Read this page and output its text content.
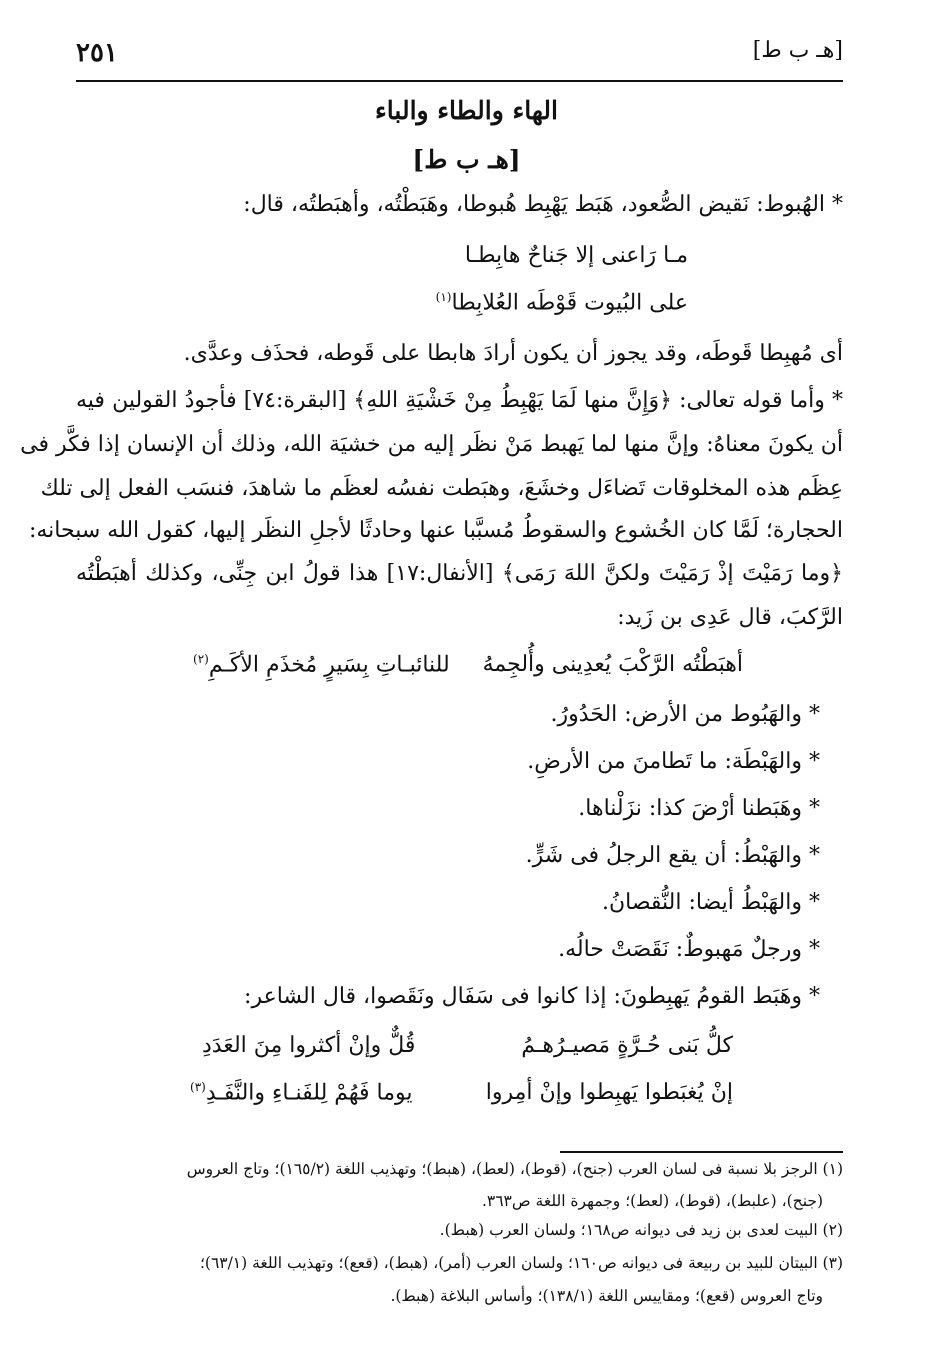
٢٥١	[هـ ب ط]
الهاء والطاء والباء
[هـ ب ط]
* الهُبوط: نَقيض الصُّعود، هَبَط يَهْبِط هُبوطا، وهَبَطْتُه، وأهبَطتُه، قال:
مـا رَاعنى إلا جَناحٌ هابِطـا
على البُيوت قَوْطَه العُلابِطا$^{(١)}$
أى مُهبِطا قَوطَه، وقد يجوز أن يكون أرادَ هابطا على قَوطه، فحذَف وعدَّى.
* وأما قوله تعالى: ﴿وَإِنَّ منها لَمَا يَهْبِطُ مِنْ خَشْيَةِ اللهِ﴾ [البقرة:٧٤] فأجودُ القولين فيه
أن يكونَ معناهُ: وإنَّ منها لما يَهبط مَنْ نظَر إليه من خشيَة الله، وذلك أن الإنسان إذا فكَّر فى
عِظَم هذه المخلوقات تَضاءَل وخشَعَ، وهبَطت نفسُه لعظَم ما شاهدَ، فنسَب الفعل إلى تلك
الحجارة؛ لَمَّا كان الخُشوع والسقوطُ مُسبَّبا عنها وحادثًا لأجلِ النظَر إليها، كقول الله سبحانه:
﴿وما رَمَيْتَ إذْ رَمَيْتَ ولكنَّ اللهَ رَمَى﴾ [الأنفال:١٧] هذا قولُ ابن جِنِّى، وكذلك أهبَطْتُه
الرَّكبَ، قال عَدِى بن زَيد:
أهبَطْتُه الرَّكْبَ يُعدِينى وأُلجِمهُ
للنائبـاتِ بِسَيرٍ مُخذَمِ الأكَـمِ$^{(٢)}$
* والهَبُوط من الأرض: الحَدُورُ.
* والهَبْطَة: ما تَطامنَ من الأرضِ.
* وهَبَطنا أرْضَ كذا: نزَلْناها.
* والهَبْطُ: أن يقع الرجلُ فى شَرٍّ.
* والهَبْطُ أيضا: النُّقصانُ.
* ورجلٌ مَهبوطٌ: نَقَصَتْ حالُه.
* وهَبَط القومُ يَهبِطونَ: إذا كانوا فى سَفَال ونَقَصوا، قال الشاعر:
كلُّ بَنى حُـرَّةٍ مَصيـرُهـمُ
قُلٌّ وإنْ أكثروا مِنَ العَدَدِ
إنْ يُغبَطوا يَهبِطوا وإنْ أمِروا
يوما فَهُمْ لِلفَنـاءِ والنَّفَـدِ$^{(٣)}$
(١) الرجز بلا نسبة فى لسان العرب (جنح)، (قوط)، (لعط)، (هبط)؛ وتهذيب اللغة (١٦٥/٢)؛ وتاج العروس
(جنح)، (علبط)، (قوط)، (لعط)؛ وجمهرة اللغة ص٣٦٣.
(٢) البيت لعدى بن زيد فى ديوانه ص١٦٨؛ ولسان العرب (هبط).
(٣) البيتان للبيد بن ربيعة فى ديوانه ص١٦٠؛ ولسان العرب (أمر)، (هبط)، (قعع)؛ وتهذيب اللغة (٦٣/١)؛
وتاج العروس (قعع)؛ ومقاييس اللغة (١٣٨/١)؛ وأساس البلاغة (هبط).
